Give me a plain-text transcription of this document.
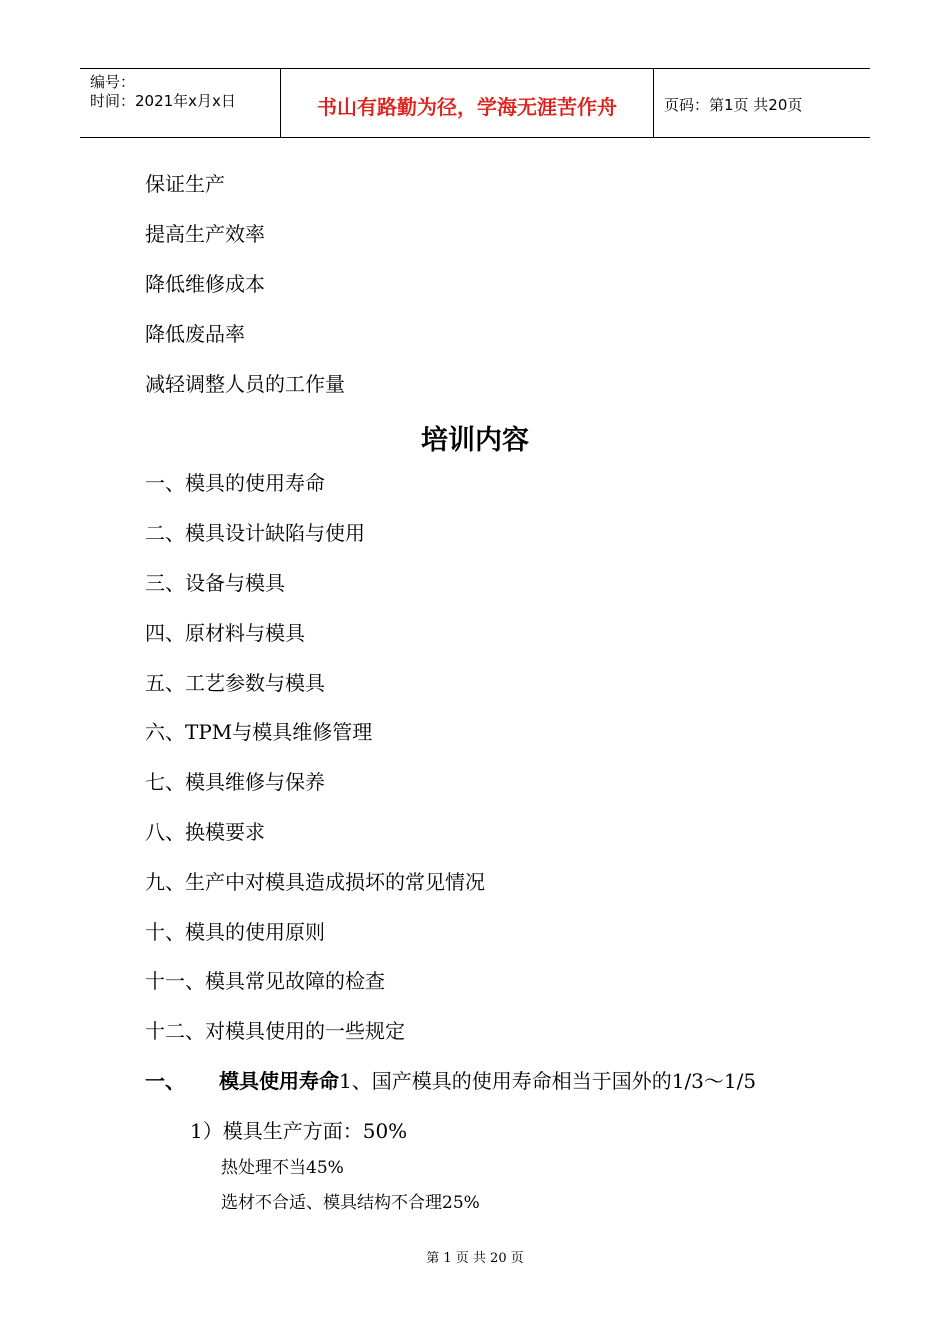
编号：
时间：2021年x月x日	书山有路勤为径，学海无涯苦作舟	页码：第1页 共20页
保证生产
提高生产效率
降低维修成本
降低废品率
减轻调整人员的工作量
培训内容
一、模具的使用寿命
二、模具设计缺陷与使用
三、设备与模具
四、原材料与模具
五、工艺参数与模具
六、TPM与模具维修管理
七、模具维修与保养
八、换模要求
九、生产中对模具造成损坏的常见情况
十、模具的使用原则
十一、模具常见故障的检查
十二、对模具使用的一些规定
一、 模具使用寿命1、国产模具的使用寿命相当于国外的1/3～1/5
1）模具生产方面：50%
热处理不当45%
选材不合适、模具结构不合理25%
第 1 页 共 20 页
